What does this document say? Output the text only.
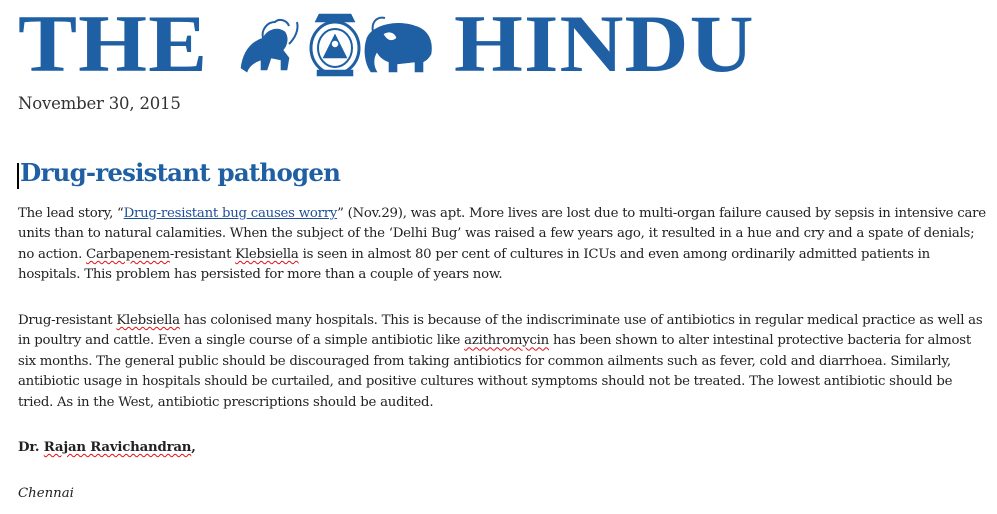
THE	HINDU
November 30, 2015
Drug-resistant pathogen

The lead story, “Drug-resistant bug causes worry” (Nov.29), was apt. More lives are lost due to multi-organ failure caused by sepsis in intensive care units than to natural calamities. When the subject of the ‘Delhi Bug’ was raised a few years ago, it resulted in a hue and cry and a spate of denials; no action. Carbapenem-resistant Klebsiella is seen in almost 80 per cent of cultures in ICUs and even among ordinarily admitted patients in hospitals. This problem has persisted for more than a couple of years now.

Drug-resistant Klebsiella has colonised many hospitals. This is because of the indiscriminate use of antibiotics in regular medical practice as well as in poultry and cattle. Even a single course of a simple antibiotic like azithromycin has been shown to alter intestinal protective bacteria for almost six months. The general public should be discouraged from taking antibiotics for common ailments such as fever, cold and diarrhoea. Similarly, antibiotic usage in hospitals should be curtailed, and positive cultures without symptoms should not be treated. The lowest antibiotic should be tried. As in the West, antibiotic prescriptions should be audited.

Dr. Rajan Ravichandran,
Chennai
